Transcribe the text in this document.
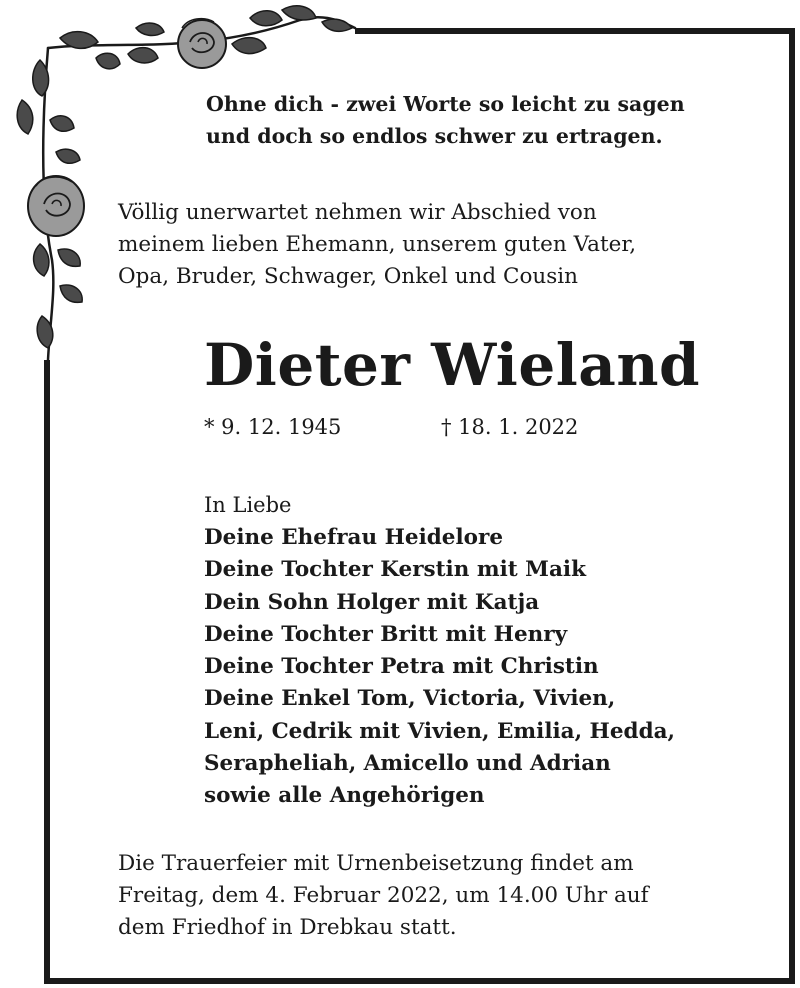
Ohne dich - zwei Worte so leicht zu sagen
und doch so endlos schwer zu ertragen.
Völlig unerwartet nehmen wir Abschied von
meinem lieben Ehemann, unserem guten Vater,
Opa, Bruder, Schwager, Onkel und Cousin
Dieter Wieland
* 9. 12. 1945	† 18. 1. 2022
In Liebe
Deine Ehefrau Heidelore
Deine Tochter Kerstin mit Maik
Dein Sohn Holger mit Katja
Deine Tochter Britt mit Henry
Deine Tochter Petra mit Christin
Deine Enkel Tom, Victoria, Vivien,
Leni, Cedrik mit Vivien, Emilia, Hedda,
Serapheliah, Amicello und Adrian
sowie alle Angehörigen
Die Trauerfeier mit Urnenbeisetzung findet am
Freitag, dem 4. Februar 2022, um 14.00 Uhr auf
dem Friedhof in Drebkau statt.
